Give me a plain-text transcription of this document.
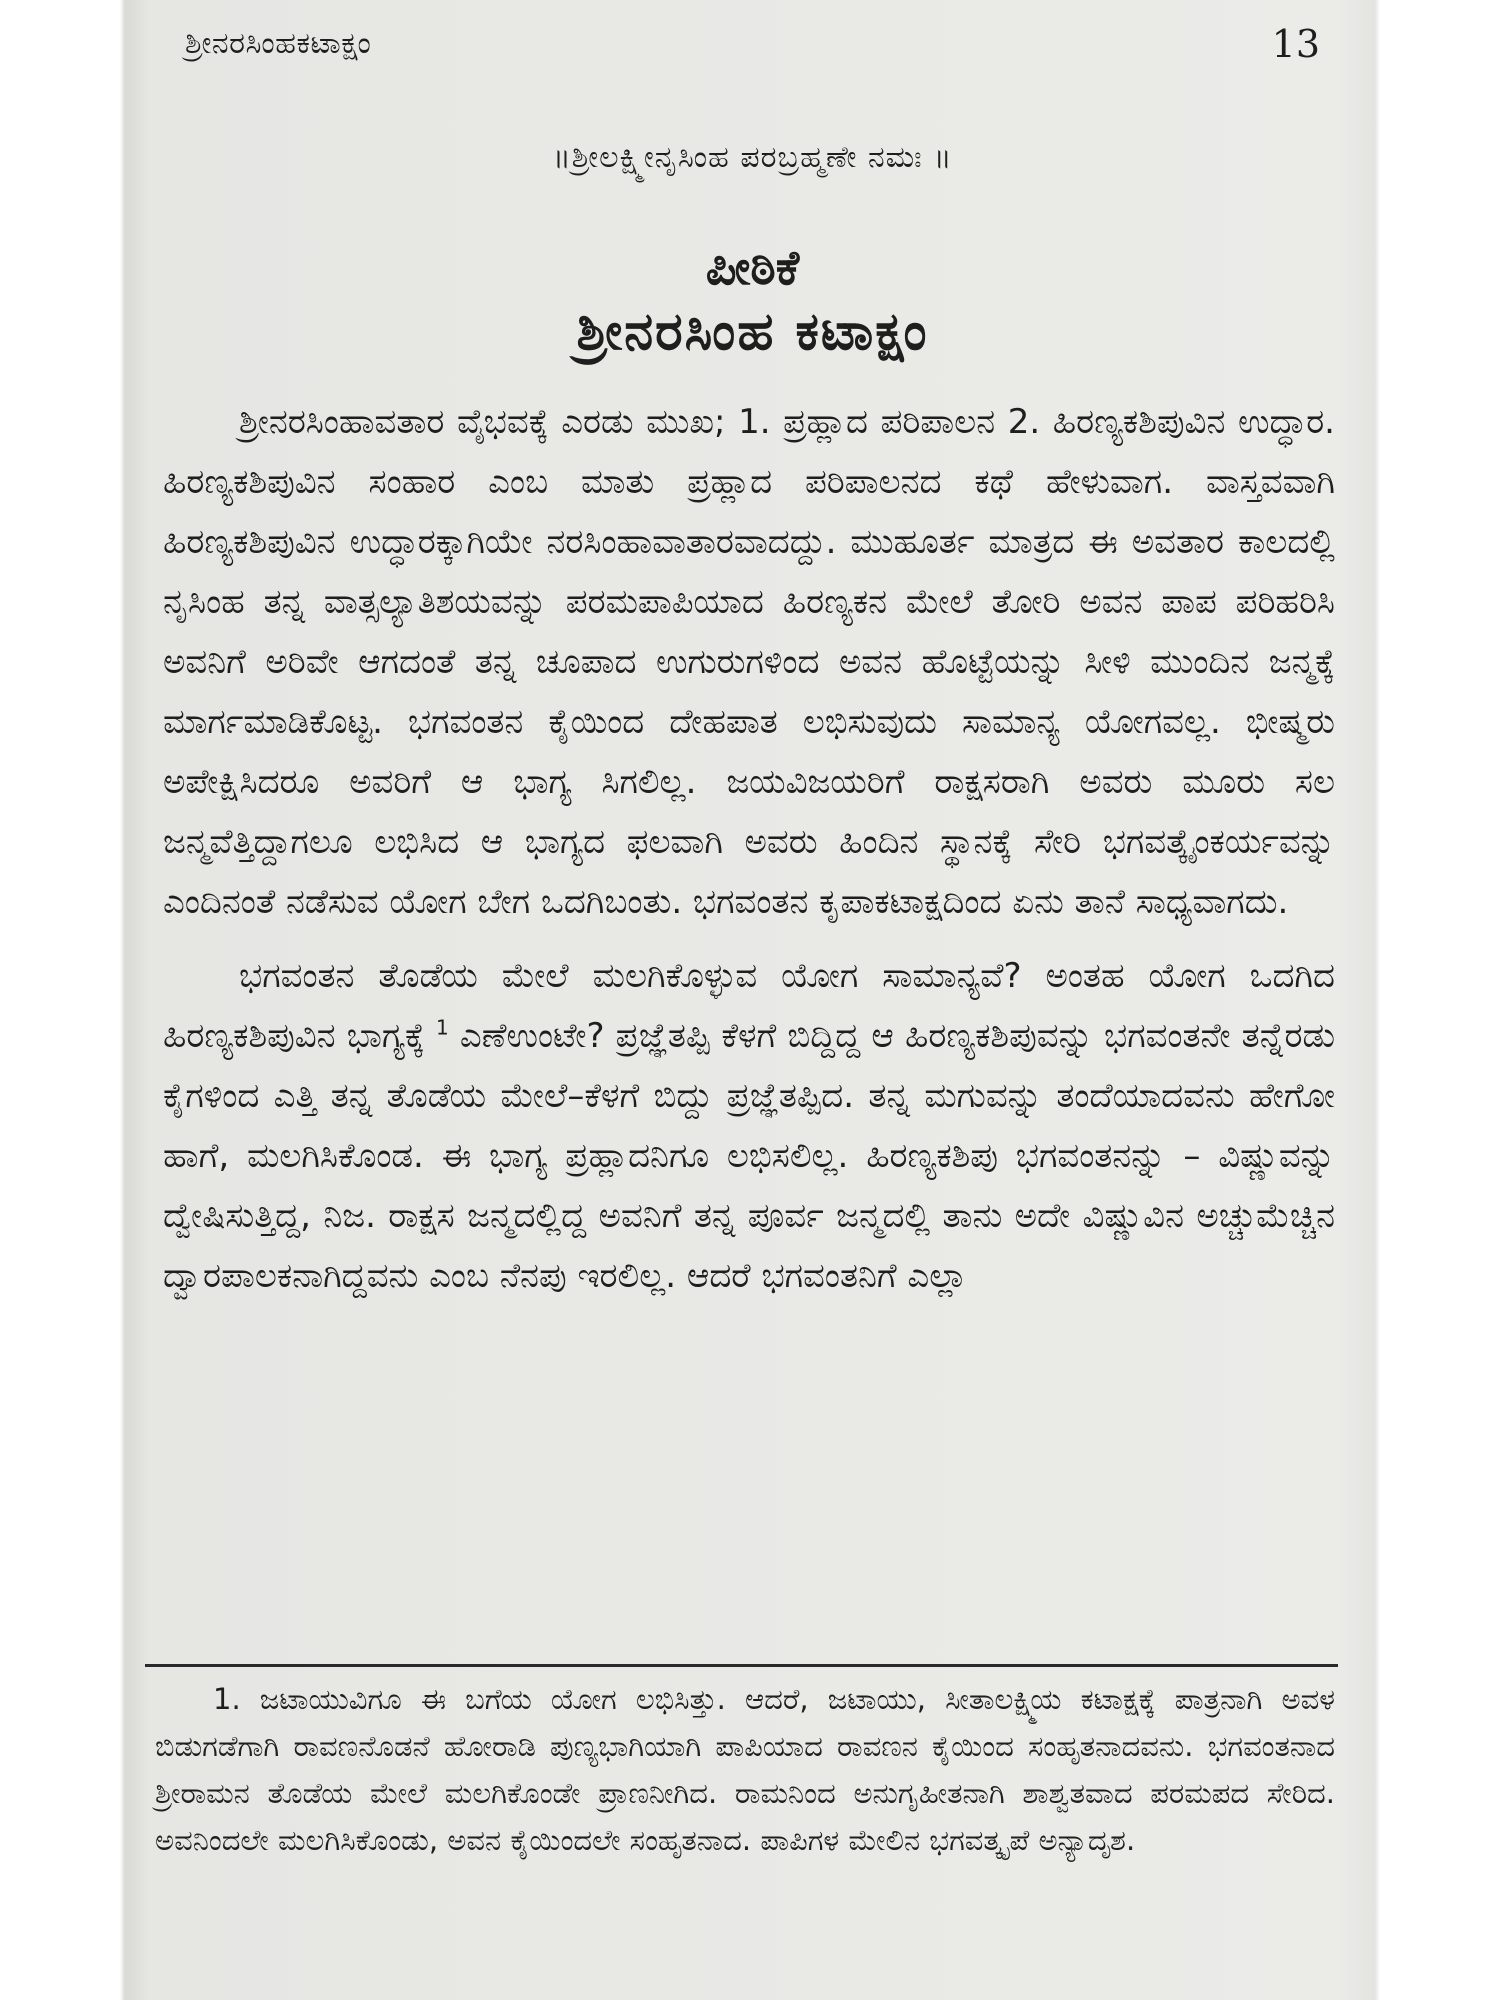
ಶ್ರೀನರಸಿಂಹಕಟಾಕ್ಷಂ	13
॥ಶ್ರೀಲಕ್ಷ್ಮೀನೃಸಿಂಹ ಪರಬ್ರಹ್ಮಣೇ ನಮಃ ॥
ಪೀಠಿಕೆ
ಶ್ರೀನರಸಿಂಹ ಕಟಾಕ್ಷಂ

ಶ್ರೀನರಸಿಂಹಾವತಾರ ವೈಭವಕ್ಕೆ ಎರಡು ಮುಖ; 1. ಪ್ರಹ್ಲಾದ ಪರಿಪಾಲನ 2. ಹಿರಣ್ಯಕಶಿಪುವಿನ ಉದ್ಧಾರ. ಹಿರಣ್ಯಕಶಿಪುವಿನ ಸಂಹಾರ ಎಂಬ ಮಾತು ಪ್ರಹ್ಲಾದ ಪರಿಪಾಲನದ ಕಥೆ ಹೇಳುವಾಗ. ವಾಸ್ತವವಾಗಿ ಹಿರಣ್ಯಕಶಿಪುವಿನ ಉದ್ಧಾರಕ್ಕಾಗಿಯೇ ನರಸಿಂಹಾವಾತಾರವಾದದ್ದು. ಮುಹೂರ್ತ ಮಾತ್ರದ ಈ ಅವತಾರ ಕಾಲದಲ್ಲಿ ನೃಸಿಂಹ ತನ್ನ ವಾತ್ಸಲ್ಯಾತಿಶಯವನ್ನು ಪರಮಪಾಪಿಯಾದ ಹಿರಣ್ಯಕನ ಮೇಲೆ ತೋರಿ ಅವನ ಪಾಪ ಪರಿಹರಿಸಿ ಅವನಿಗೆ ಅರಿವೇ ಆಗದಂತೆ ತನ್ನ ಚೂಪಾದ ಉಗುರುಗಳಿಂದ ಅವನ ಹೊಟ್ಟೆಯನ್ನು ಸೀಳಿ ಮುಂದಿನ ಜನ್ಮಕ್ಕೆ ಮಾರ್ಗಮಾಡಿಕೊಟ್ಟ. ಭಗವಂತನ ಕೈಯಿಂದ ದೇಹಪಾತ ಲಭಿಸುವುದು ಸಾಮಾನ್ಯ ಯೋಗವಲ್ಲ. ಭೀಷ್ಮರು ಅಪೇಕ್ಷಿಸಿದರೂ ಅವರಿಗೆ ಆ ಭಾಗ್ಯ ಸಿಗಲಿಲ್ಲ. ಜಯವಿಜಯರಿಗೆ ರಾಕ್ಷಸರಾಗಿ ಅವರು ಮೂರು ಸಲ ಜನ್ಮವೆತ್ತಿದ್ದಾಗಲೂ ಲಭಿಸಿದ ಆ ಭಾಗ್ಯದ ಫಲವಾಗಿ ಅವರು ಹಿಂದಿನ ಸ್ಥಾನಕ್ಕೆ ಸೇರಿ ಭಗವತ್ಕೈಂಕರ್ಯವನ್ನು ಎಂದಿನಂತೆ ನಡೆಸುವ ಯೋಗ ಬೇಗ ಒದಗಿಬಂತು. ಭಗವಂತನ ಕೃಪಾಕಟಾಕ್ಷದಿಂದ ಏನು ತಾನೆ ಸಾಧ್ಯವಾಗದು.

ಭಗವಂತನ ತೊಡೆಯ ಮೇಲೆ ಮಲಗಿಕೊಳ್ಳುವ ಯೋಗ ಸಾಮಾನ್ಯವೆ? ಅಂತಹ ಯೋಗ ಒದಗಿದ ಹಿರಣ್ಯಕಶಿಪುವಿನ ಭಾಗ್ಯಕ್ಕೆ $^1$ ಎಣೆಉಂಟೇ? ಪ್ರಜ್ಞೆತಪ್ಪಿ ಕೆಳಗೆ ಬಿದ್ದಿದ್ದ ಆ ಹಿರಣ್ಯಕಶಿಪುವನ್ನು ಭಗವಂತನೇ ತನ್ನೆರಡು ಕೈಗಳಿಂದ ಎತ್ತಿ ತನ್ನ ತೊಡೆಯ ಮೇಲೆ–ಕೆಳಗೆ ಬಿದ್ದು ಪ್ರಜ್ಞೆತಪ್ಪಿದ. ತನ್ನ ಮಗುವನ್ನು ತಂದೆಯಾದವನು ಹೇಗೋ ಹಾಗೆ, ಮಲಗಿಸಿಕೊಂಡ. ಈ ಭಾಗ್ಯ ಪ್ರಹ್ಲಾದನಿಗೂ ಲಭಿಸಲಿಲ್ಲ. ಹಿರಣ್ಯಕಶಿಪು ಭಗವಂತನನ್ನು – ವಿಷ್ಣುವನ್ನು ದ್ವೇಷಿಸುತ್ತಿದ್ದ, ನಿಜ. ರಾಕ್ಷಸ ಜನ್ಮದಲ್ಲಿದ್ದ ಅವನಿಗೆ ತನ್ನ ಪೂರ್ವ ಜನ್ಮದಲ್ಲಿ ತಾನು ಅದೇ ವಿಷ್ಣುವಿನ ಅಚ್ಚುಮೆಚ್ಚಿನ ದ್ವಾರಪಾಲಕನಾಗಿದ್ದವನು ಎಂಬ ನೆನಪು ಇರಲಿಲ್ಲ. ಆದರೆ ಭಗವಂತನಿಗೆ ಎಲ್ಲಾ

1. ಜಟಾಯುವಿಗೂ ಈ ಬಗೆಯ ಯೋಗ ಲಭಿಸಿತ್ತು. ಆದರೆ, ಜಟಾಯು, ಸೀತಾಲಕ್ಷ್ಮಿಯ ಕಟಾಕ್ಷಕ್ಕೆ ಪಾತ್ರನಾಗಿ ಅವಳ ಬಿಡುಗಡೆಗಾಗಿ ರಾವಣನೊಡನೆ ಹೋರಾಡಿ ಪುಣ್ಯಭಾಗಿಯಾಗಿ ಪಾಪಿಯಾದ ರಾವಣನ ಕೈಯಿಂದ ಸಂಹೃತನಾದವನು. ಭಗವಂತನಾದ ಶ್ರೀರಾಮನ ತೊಡೆಯ ಮೇಲೆ ಮಲಗಿಕೊಂಡೇ ಪ್ರಾಣನೀಗಿದ. ರಾಮನಿಂದ ಅನುಗೃಹೀತನಾಗಿ ಶಾಶ್ವತವಾದ ಪರಮಪದ ಸೇರಿದ. ಅವನಿಂದಲೇ ಮಲಗಿಸಿಕೊಂಡು, ಅವನ ಕೈಯಿಂದಲೇ ಸಂಹೃತನಾದ. ಪಾಪಿಗಳ ಮೇಲಿನ ಭಗವತ್ಕೃಪೆ ಅನ್ಯಾದೃಶ.
